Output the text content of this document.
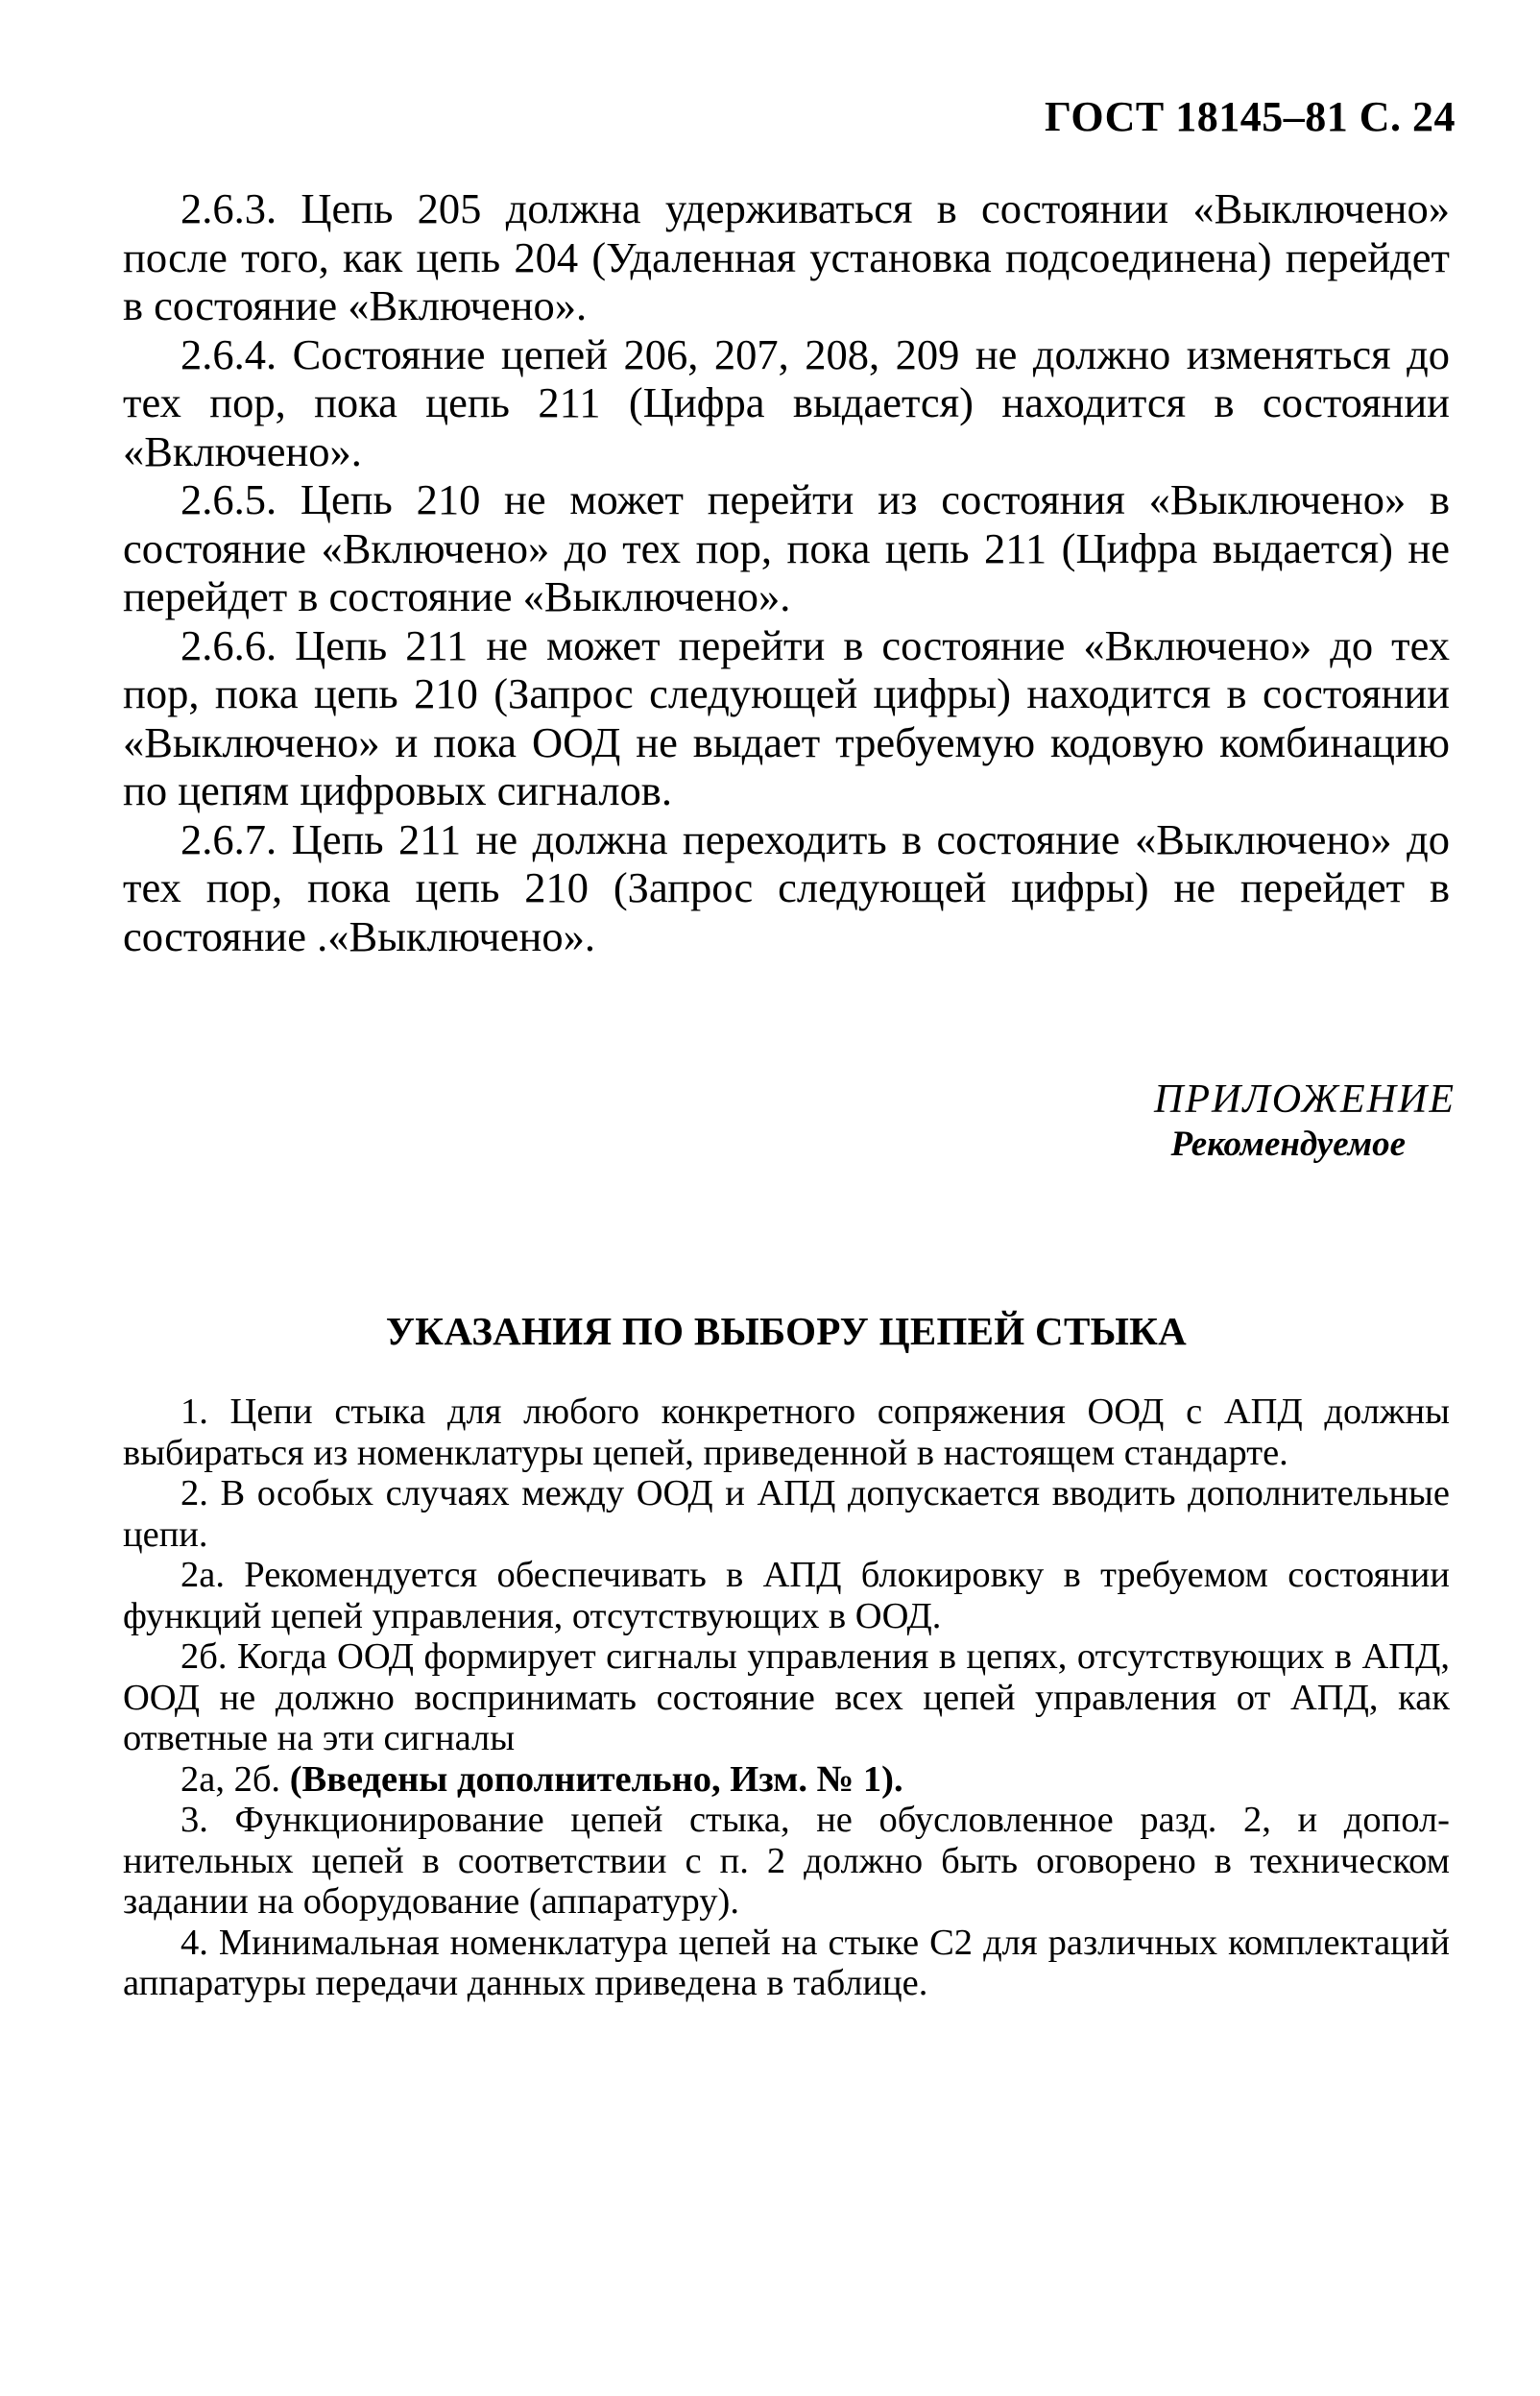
ГОСТ 18145–81 С. 24

2.6.3. Цепь 205 должна удерживаться в состоянии «Выключено» после того, как цепь 204 (Удаленная установка подсоединена) перейдет в состояние «Включено».

2.6.4. Состояние цепей 206, 207, 208, 209 не должно изменяться до тех пор, пока цепь 211 (Цифра выдается) находится в состоянии «Включено».

2.6.5. Цепь 210 не может перейти из состояния «Выключено» в состояние «Включено» до тех пор, пока цепь 211 (Цифра выдается) не перейдет в состояние «Выключено».

2.6.6. Цепь 211 не может перейти в состояние «Включено» до тех пор, пока цепь 210 (Запрос следующей цифры) находится в состоянии «Выключено» и пока ООД не выдает требуемую кодовую комбинацию по цепям цифровых сигналов.

2.6.7. Цепь 211 не должна переходить в состояние «Выключено» до тех пор, пока цепь 210 (Запрос следующей цифры) не перейдет в состояние .«Выключено».

ПРИЛОЖЕНИЕ
Рекомендуемое
УКАЗАНИЯ ПО ВЫБОРУ ЦЕПЕЙ СТЫКА

1. Цепи стыка для любого конкретного сопряжения ООД с АПД должны выбираться из номенклатуры цепей, приведенной в настоящем стандарте.

2. В особых случаях между ООД и АПД допускается вводить дополнительные цепи.

2а. Рекомендуется обеспечивать в АПД блокировку в требуемом состоянии функций цепей управления, отсутствующих в ООД.

2б. Когда ООД формирует сигналы управления в цепях, отсутствующих в АПД, ООД не должно воспринимать состояние всех цепей управления от АПД, как ответные на эти сигналы

2а, 2б. (Введены дополнительно, Изм. № 1).

3. Функционирование цепей стыка, не обусловленное разд. 2, и дополнительных цепей в соответствии с п. 2 должно быть оговорено в техническом задании на оборудование (аппаратуру).

4. Минимальная номенклатура цепей на стыке С2 для различных комплектаций аппаратуры передачи данных приведена в таблице.
